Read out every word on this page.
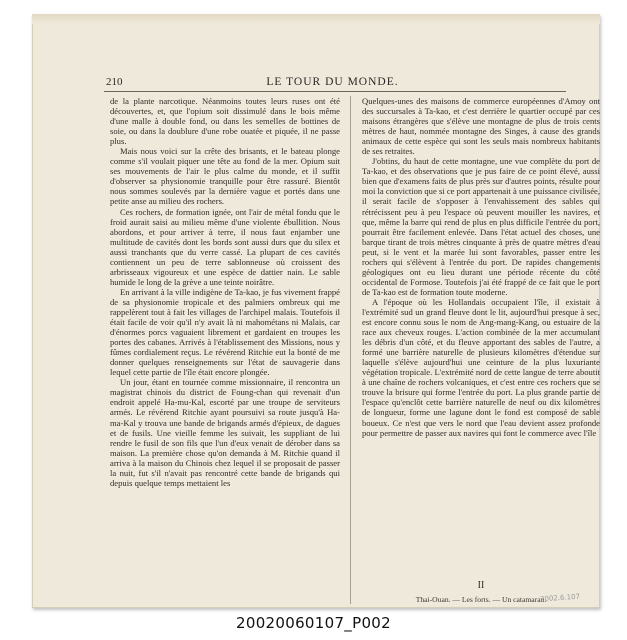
210	LE TOUR DU MONDE.

de la plante narcotique. Néanmoins toutes leurs ruses ont été découvertes, et, que l'opium soit dissimulé dans le bois même d'une malle à double fond, ou dans les semelles de bottines de soie, ou dans la doublure d'une robe ouatée et piquée, il ne passe plus.

Mais nous voici sur la crête des brisants, et le bateau plonge comme s'il voulait piquer une tête au fond de la mer. Opium suit ses mouvements de l'air le plus calme du monde, et il suffit d'observer sa physionomie tranquille pour être rassuré. Bientôt nous sommes soulevés par la dernière vague et portés dans une petite anse au milieu des rochers.

Ces rochers, de formation ignée, ont l'air de métal fondu que le froid aurait saisi au milieu même d'une violente ébullition. Nous abordons, et pour arriver à terre, il nous faut enjamber une multitude de cavités dont les bords sont aussi durs que du silex et aussi tranchants que du verre cassé. La plupart de ces cavités contiennent un peu de terre sablonneuse où croissent des arbrisseaux vigoureux et une espèce de dattier nain. Le sable humide le long de la grève a une teinte noirâtre.

En arrivant à la ville indigène de Ta-kao, je fus vivement frappé de sa physionomie tropicale et des palmiers ombreux qui me rappelèrent tout à fait les villages de l'archipel malais. Toutefois il était facile de voir qu'il n'y avait là ni mahométans ni Malais, car d'énormes porcs vaguaient librement et gardaient en troupes les portes des cabanes. Arrivés à l'établissement des Missions, nous y fûmes cordialement reçus. Le révérend Ritchie eut la bonté de me donner quelques renseignements sur l'état de sauvagerie dans lequel cette partie de l'île était encore plongée.

Un jour, étant en tournée comme missionnaire, il rencontra un magistrat chinois du district de Foung-chan qui revenait d'un endroit appelé Ha-mu-Kal, escorté par une troupe de serviteurs armés. Le révérend Ritchie ayant poursuivi sa route jusqu'à Ha-ma-Kal y trouva une bande de brigands armés d'épieux, de dagues et de fusils. Une vieille femme les suivait, les suppliant de lui rendre le fusil de son fils que l'un d'eux venait de dérober dans sa maison. La première chose qu'on demanda à M. Ritchie quand il arriva à la maison du Chinois chez lequel il se proposait de passer la nuit, fut s'il n'avait pas rencontré cette bande de brigands qui depuis quelque temps mettaient les

Quelques-unes des maisons de commerce européennes d'Amoy ont des succursales à Ta-kao, et c'est derrière le quartier occupé par ces maisons étrangères que s'élève une montagne de plus de trois cents mètres de haut, nommée montagne des Singes, à cause des grands animaux de cette espèce qui sont les seuls mais nombreux habitants de ses retraites.

J'obtins, du haut de cette montagne, une vue complète du port de Ta-kao, et des observations que je pus faire de ce point élevé, aussi bien que d'examens faits de plus près sur d'autres points, résulte pour moi la conviction que si ce port appartenait à une puissance civilisée, il serait facile de s'opposer à l'envahissement des sables qui rétrécissent peu à peu l'espace où peuvent mouiller les navires, et que, même la barre qui rend de plus en plus difficile l'entrée du port, pourrait être facilement enlevée. Dans l'état actuel des choses, une barque tirant de trois mètres cinquante à près de quatre mètres d'eau peut, si le vent et la marée lui sont favorables, passer entre les rochers qui s'élèvent à l'entrée du port. De rapides changements géologiques ont eu lieu durant une période récente du côté occidental de Formose. Toutefois j'ai été frappé de ce fait que le port de Ta-kao est de formation toute moderne.

A l'époque où les Hollandais occupaient l'île, il existait à l'extrémité sud un grand fleuve dont le lit, aujourd'hui presque à sec, est encore connu sous le nom de Ang-mang-Kang, ou estuaire de la race aux cheveux rouges. L'action combinée de la mer accumulant les débris d'un côté, et du fleuve apportant des sables de l'autre, a formé une barrière naturelle de plusieurs kilomètres d'étendue sur laquelle s'élève aujourd'hui une ceinture de la plus luxuriante végétation tropicale. L'extrémité nord de cette langue de terre aboutit à une chaîne de rochers volcaniques, et c'est entre ces rochers que se trouve la brisure qui forme l'entrée du port. La plus grande partie de l'espace qu'enclôt cette barrière naturelle de neuf ou dix kilomètres de longueur, forme une lagune dont le fond est composé de sable boueux. Ce n'est que vers le nord que l'eau devient assez profonde pour permettre de passer aux navires qui font le commerce avec l'île

II
Thai-Ouan. — Les forts. — Un catamaran.
2002.6.107
20020060107_P002
